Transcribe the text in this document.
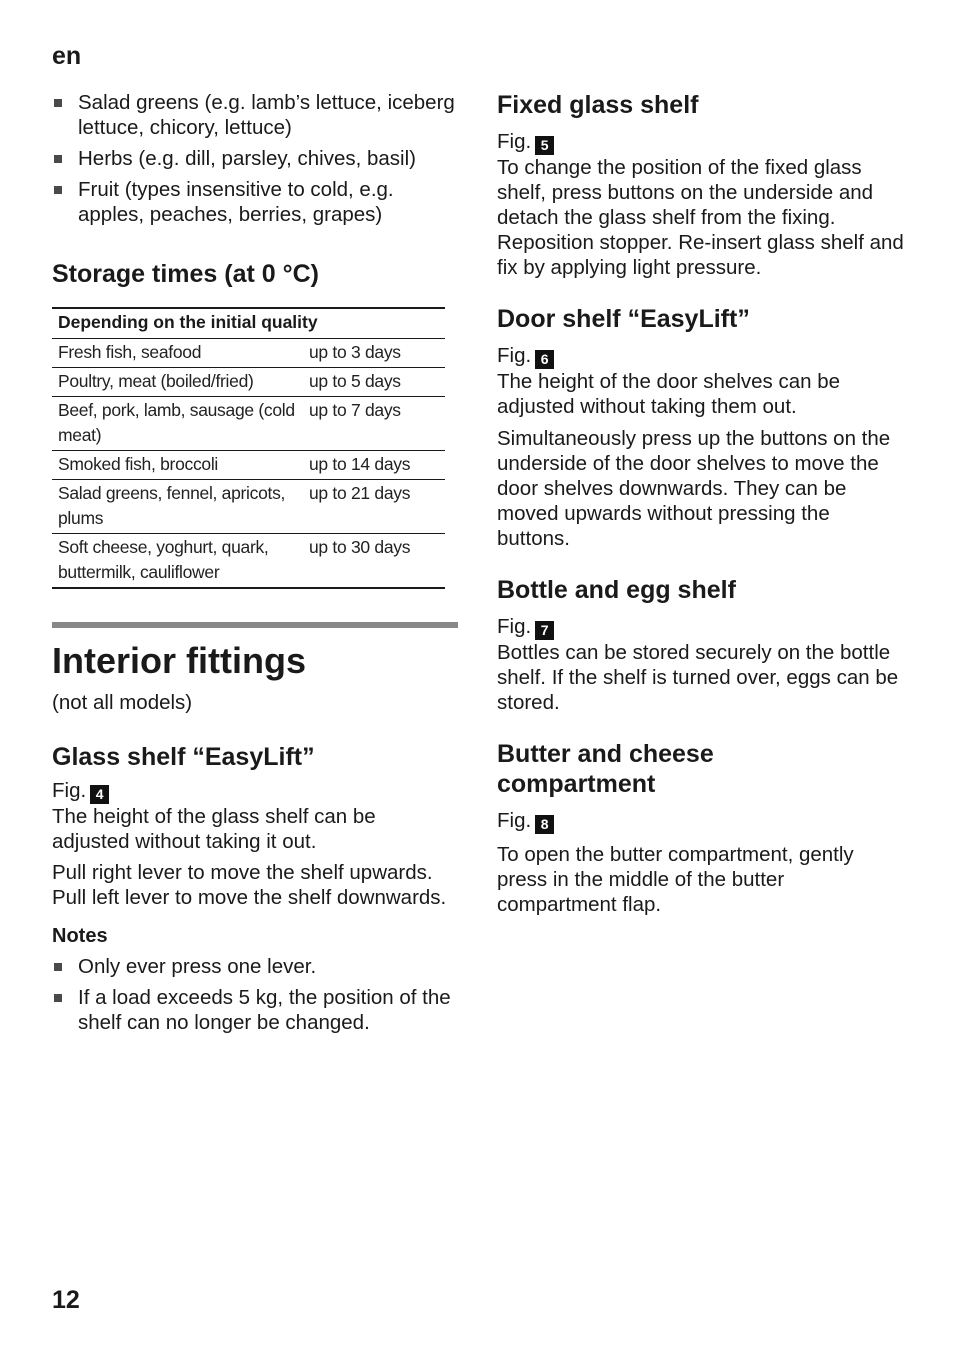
en
Salad greens (e.g. lamb’s lettuce, iceberg lettuce, chicory, lettuce)
Herbs (e.g. dill, parsley, chives, basil)
Fruit (types insensitive to cold, e.g. apples, peaches, berries, grapes)
Storage times (at 0 °C)
Depending on the initial quality	
Fresh fish, seafood	up to 3 days
Poultry, meat (boiled/fried)	up to 5 days
Beef, pork, lamb, sausage (cold meat)	up to 7 days
Smoked fish, broccoli	up to 14 days
Salad greens, fennel, apricots, plums	up to 21 days
Soft cheese, yoghurt, quark, buttermilk, cauliflower	up to 30 days
Interior fittings

(not all models)

Glass shelf “EasyLift”
Fig. 4

The height of the glass shelf can be adjusted without taking it out.

Pull right lever to move the shelf upwards. Pull left lever to move the shelf downwards.

Notes
Only ever press one lever.
If a load exceeds 5 kg, the position of the shelf can no longer be changed.
Fixed glass shelf
Fig. 5

To change the position of the fixed glass shelf, press buttons on the underside and detach the glass shelf from the fixing. Reposition stopper. Re-insert glass shelf and fix by applying light pressure.

Door shelf “EasyLift”
Fig. 6

The height of the door shelves can be adjusted without taking them out.

Simultaneously press up the buttons on the underside of the door shelves to move the door shelves downwards. They can be moved upwards without pressing the buttons.

Bottle and egg shelf
Fig. 7

Bottles can be stored securely on the bottle shelf. If the shelf is turned over, eggs can be stored.

Butter and cheese compartment
Fig. 8

To open the butter compartment, gently press in the middle of the butter compartment flap.

12
